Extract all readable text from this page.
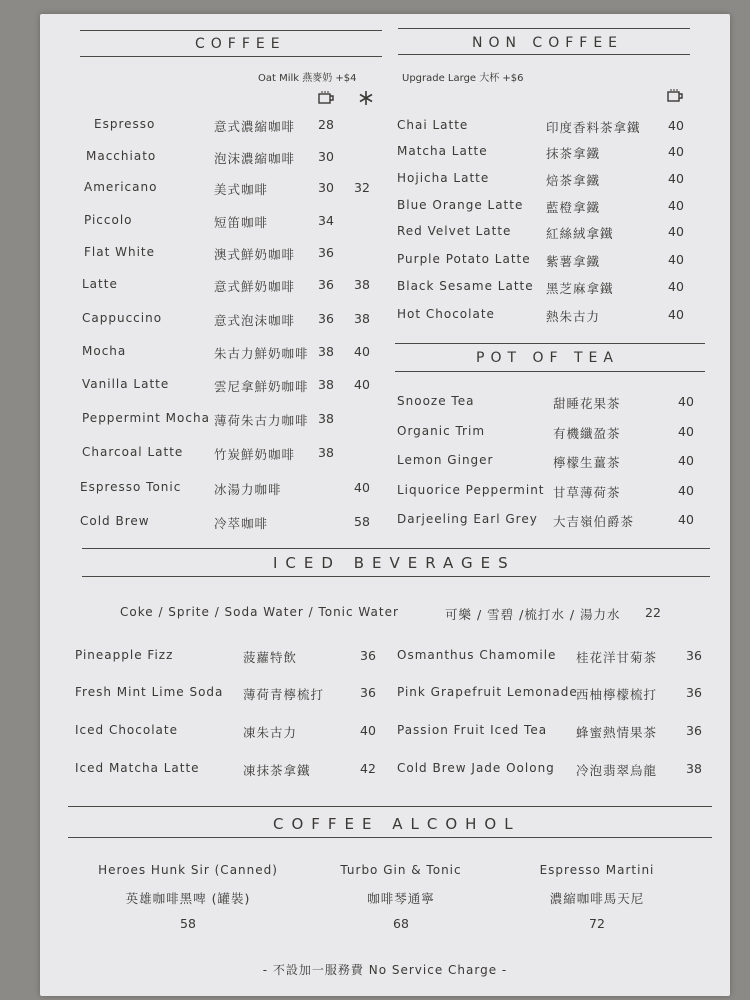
COFFEE
Oat Milk 燕麥奶 +$4
NON COFFEE
Upgrade Large 大杯 +$6
Espresso	意式濃縮咖啡 28
Macchiato	泡沫濃縮咖啡 30
Americano	美式咖啡	30 32
Piccolo	短笛咖啡	34
Flat White	澳式鮮奶咖啡 36
Latte	意式鮮奶咖啡 36 38
Cappuccino	意式泡沫咖啡 36 38
Mocha	朱古力鮮奶咖啡 38 40
Vanilla Latte	雲尼拿鮮奶咖啡 38 40
Peppermint Mocha 薄荷朱古力咖啡 38
Charcoal Latte 竹炭鮮奶咖啡 38
Espresso Tonic	冰湯力咖啡	40
Cold Brew	冷萃咖啡	58
Chai Latte	印度香料茶拿鐵 40
Matcha Latte	抹茶拿鐵	40
Hojicha Latte	焙茶拿鐵	40
Blue Orange Latte 藍橙拿鐵	40
Red Velvet Latte	紅絲絨拿鐵	40
Purple Potato Latte 紫薯拿鐵	40
Black Sesame Latte 黑芝麻拿鐵	40
Hot Chocolate	熱朱古力	40
POT OF TEA
Snooze Tea	甜睡花果茶	40
Organic Trim	有機纖盈茶	40
Lemon Ginger	檸檬生薑茶	40
Liquorice Peppermint 甘草薄荷茶	40
Darjeeling Earl Grey 大吉嶺伯爵茶	40
ICED BEVERAGES
Coke / Sprite / Soda Water / Tonic Water	可樂 / 雪碧 /梳打水 / 湯力水 22
Pineapple Fizz	菠蘿特飲	36
Fresh Mint Lime Soda 薄荷青檸梳打	36
Iced Chocolate	凍朱古力	40
Iced Matcha Latte	凍抹茶拿鐵	42
Osmanthus Chamomile 桂花洋甘菊茶 36
Pink Grapefruit Lemonade
西柚檸檬梳打 36
Passion Fruit Iced Tea 蜂蜜熱情果茶 36
Cold Brew Jade Oolong 冷泡翡翠烏龍 38
COFFEE ALCOHOL
Heroes Hunk Sir (Canned)
英雄咖啡黑啤 (罐裝)
58
Turbo Gin & Tonic
咖啡琴通寧
68
Espresso Martini
濃縮咖啡馬天尼
72
- 不設加一服務費 No Service Charge -
